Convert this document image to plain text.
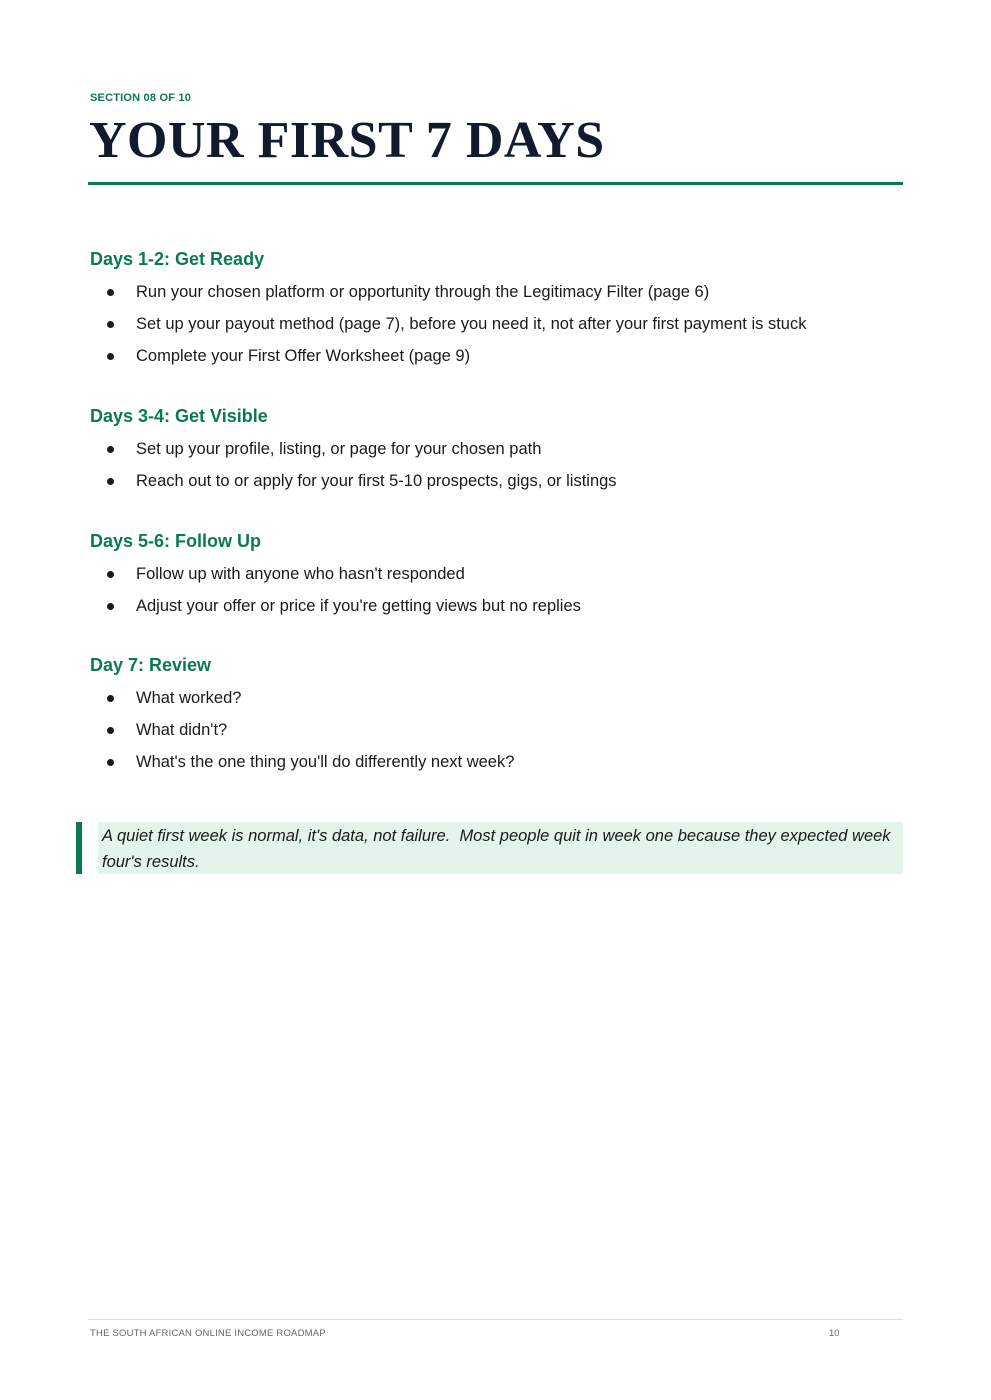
SECTION 08 OF 10
YOUR FIRST 7 DAYS
Days 1-2: Get Ready
Run your chosen platform or opportunity through the Legitimacy Filter (page 6)
Set up your payout method (page 7), before you need it, not after your first payment is stuck
Complete your First Offer Worksheet (page 9)
Days 3-4: Get Visible
Set up your profile, listing, or page for your chosen path
Reach out to or apply for your first 5-10 prospects, gigs, or listings
Days 5-6: Follow Up
Follow up with anyone who hasn't responded
Adjust your offer or price if you're getting views but no replies
Day 7: Review
What worked?
What didn't?
What's the one thing you'll do differently next week?
A quiet first week is normal, it's data, not failure.  Most people quit in week one because they expected week four's results.
THE SOUTH AFRICAN ONLINE INCOME ROADMAP	10
